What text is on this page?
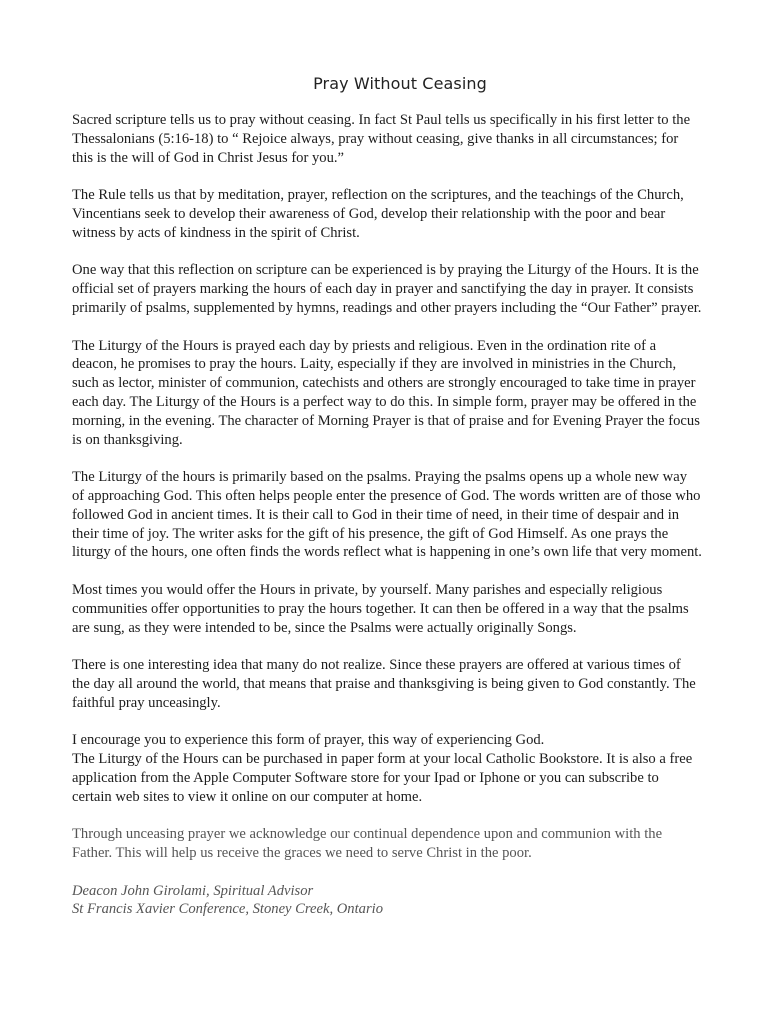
Pray Without Ceasing

Sacred scripture tells us to pray without ceasing. In fact St Paul tells us specifically in his first letter to the Thessalonians (5:16-18) to “ Rejoice always, pray without ceasing, give thanks in all circumstances; for this is the will of God in Christ Jesus for you.”

The Rule tells us that by meditation, prayer, reflection on the scriptures, and the teachings of the Church, Vincentians seek to develop their awareness of God, develop their relationship with the poor and bear witness by acts of kindness in the spirit of Christ.

One way that this reflection on scripture can be experienced is by praying the Liturgy of the Hours. It is the official set of prayers marking the hours of each day in prayer and sanctifying the day in prayer. It consists primarily of psalms, supplemented by hymns, readings and other prayers including the “Our Father” prayer.

The Liturgy of the Hours is prayed each day by priests and religious. Even in the ordination rite of a deacon, he promises to pray the hours. Laity, especially if they are involved in ministries in the Church, such as lector, minister of communion, catechists and others are strongly encouraged to take time in prayer each day. The Liturgy of the Hours is a perfect way to do this. In simple form, prayer may be offered in the morning, in the evening. The character of Morning Prayer is that of praise and for Evening Prayer the focus is on thanksgiving.

The Liturgy of the hours is primarily based on the psalms. Praying the psalms opens up a whole new way of approaching God. This often helps people enter the presence of God. The words written are of those who followed God in ancient times. It is their call to God in their time of need, in their time of despair and in their time of joy. The writer asks for the gift of his presence, the gift of God Himself. As one prays the liturgy of the hours, one often finds the words reflect what is happening in one’s own life that very moment.

Most times you would offer the Hours in private, by yourself. Many parishes and especially religious communities offer opportunities to pray the hours together. It can then be offered in a way that the psalms are sung, as they were intended to be, since the Psalms were actually originally Songs.

There is one interesting idea that many do not realize. Since these prayers are offered at various times of the day all around the world, that means that praise and thanksgiving is being given to God constantly. The faithful pray unceasingly.

I encourage you to experience this form of prayer, this way of experiencing God.

The Liturgy of the Hours can be purchased in paper form at your local Catholic Bookstore. It is also a free application from the Apple Computer Software store for your Ipad or Iphone or you can subscribe to certain web sites to view it online on our computer at home.

Through unceasing prayer we acknowledge our continual dependence upon and communion with the Father. This will help us receive the graces we need to serve Christ in the poor.

Deacon John Girolami, Spiritual Advisor

St Francis Xavier Conference, Stoney Creek, Ontario
